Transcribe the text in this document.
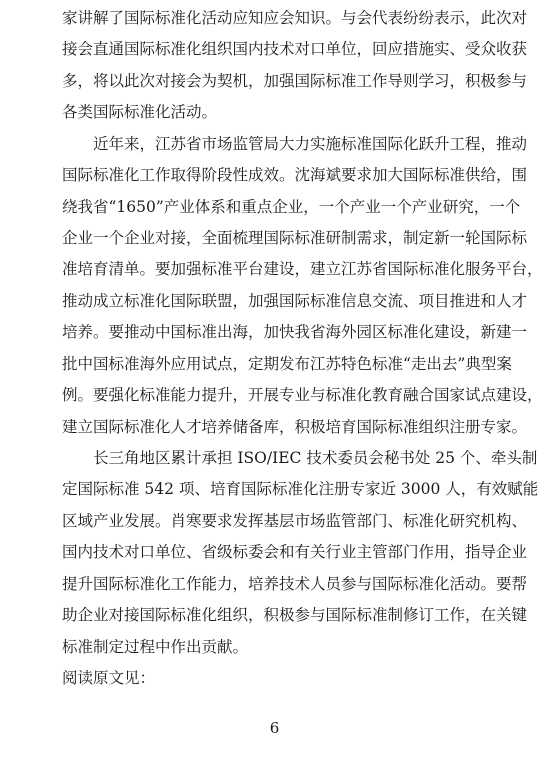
家讲解了国际标准化活动应知应会知识。与会代表纷纷表示，此次对
接会直通国际标准化组织国内技术对口单位，回应措施实、受众收获
多，将以此次对接会为契机，加强国际标准工作导则学习，积极参与
各类国际标准化活动。
近年来，江苏省市场监管局大力实施标准国际化跃升工程，推动
国际标准化工作取得阶段性成效。沈海斌要求加大国际标准供给，围
绕我省“1650”产业体系和重点企业，一个产业一个产业研究，一个
企业一个企业对接，全面梳理国际标准研制需求，制定新一轮国际标
准培育清单。要加强标准平台建设，建立江苏省国际标准化服务平台，
推动成立标准化国际联盟，加强国际标准信息交流、项目推进和人才
培养。要推动中国标准出海，加快我省海外园区标准化建设，新建一
批中国标准海外应用试点，定期发布江苏特色标准“走出去”典型案
例。要强化标准能力提升，开展专业与标准化教育融合国家试点建设，
建立国际标准化人才培养储备库，积极培育国际标准组织注册专家。
长三角地区累计承担 ISO/IEC 技术委员会秘书处 25 个、牵头制
定国际标准 542 项、培育国际标准化注册专家近 3000 人，有效赋能
区域产业发展。肖寒要求发挥基层市场监管部门、标准化研究机构、
国内技术对口单位、省级标委会和有关行业主管部门作用，指导企业
提升国际标准化工作能力，培养技术人员参与国际标准化活动。要帮
助企业对接国际标准化组织，积极参与国际标准制修订工作，在关键
标准制定过程中作出贡献。
阅读原文见：
6
